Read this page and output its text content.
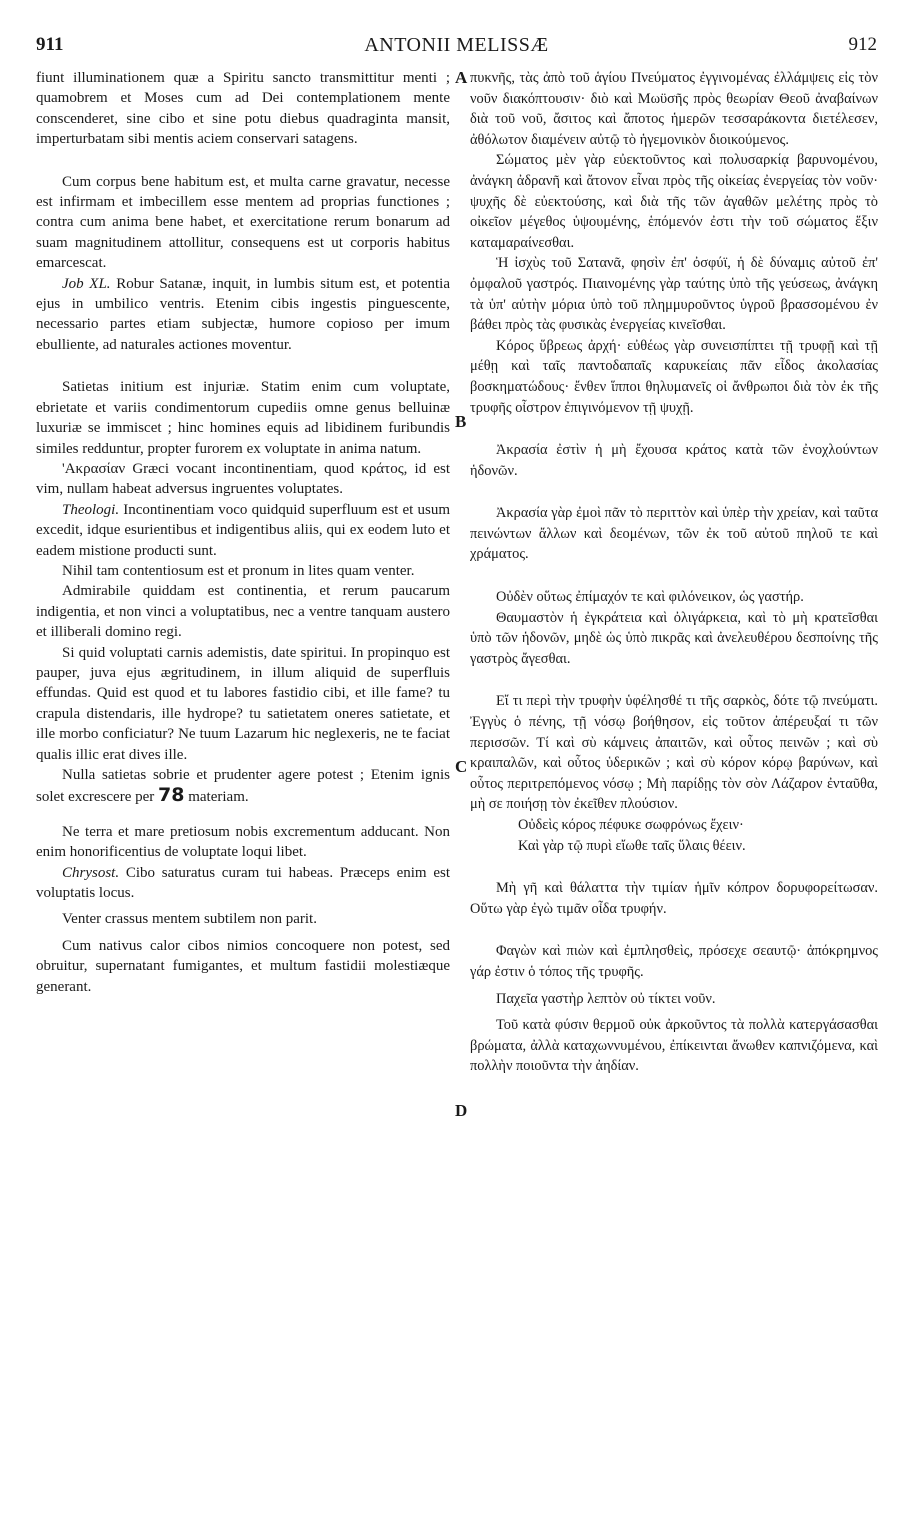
911	ANTONII MELISSÆ	912
A
B
C
D

fiunt illuminationem quæ a Spiritu sancto transmittitur menti ; quamobrem et Moses cum ad Dei contemplationem mente conscenderet, sine cibo et sine potu diebus quadraginta mansit, imperturbatam sibi mentis aciem conservari satagens.

Cum corpus bene habitum est, et multa carne gravatur, necesse est infirmam et imbecillem esse mentem ad proprias functiones ; contra cum anima bene habet, et exercitatione rerum bonarum ad suam magnitudinem attollitur, consequens est ut corporis habitus emarcescat.

Job XL. Robur Satanæ, inquit, in lumbis situm est, et potentia ejus in umbilico ventris. Etenim cibis ingestis pinguescente, necessario partes etiam subjectæ, humore copioso per imum ebulliente, ad naturales actiones moventur.

Satietas initium est injuriæ. Statim enim cum voluptate, ebrietate et variis condimentorum cupediis omne genus belluinæ luxuriæ se immiscet ; hinc homines equis ad libidinem furibundis similes redduntur, propter furorem ex voluptate in anima natum.

'Ακρασίαν Græci vocant incontinentiam, quod κράτος, id est vim, nullam habeat adversus ingruentes voluptates.

Theologi. Incontinentiam voco quidquid superfluum est et usum excedit, idque esurientibus et indigentibus aliis, qui ex eodem luto et eadem mistione producti sunt.

Nihil tam contentiosum est et pronum in lites quam venter.

Admirabile quiddam est continentia, et rerum paucarum indigentia, et non vinci a voluptatibus, nec a ventre tanquam austero et illiberali domino regi.

Si quid voluptati carnis ademistis, date spiritui. In propinquo est pauper, juva ejus ægritudinem, in illum aliquid de superfluis effundas. Quid est quod et tu labores fastidio cibi, et ille fame? tu crapula distendaris, ille hydrope? tu satietatem oneres satietate, et ille morbo conficiatur? Ne tuum Lazarum hic neglexeris, ne te faciat qualis illic erat dives ille.

Nulla satietas sobrie et prudenter agere potest ; Etenim ignis solet excrescere per 78 materiam.

Ne terra et mare pretiosum nobis excrementum adducant. Non enim honorificentius de voluptate loqui libet.

Chrysost. Cibo saturatus curam tui habeas. Præceps enim est voluptatis locus.

Venter crassus mentem subtilem non parit.

Cum nativus calor cibos nimios concoquere non potest, sed obruitur, supernatant fumigantes, et multum fastidii molestiæque generant.

πυκνῆς, τὰς ἀπὸ τοῦ ἁγίου Πνεύματος ἐγγινομένας ἐλλάμψεις εἰς τὸν νοῦν διακόπτουσιν· διὸ καὶ Μωϋσῆς πρὸς θεωρίαν Θεοῦ ἀναβαίνων διὰ τοῦ νοῦ, ἄσιτος καὶ ἄποτος ἡμερῶν τεσσαράκοντα διετέλεσεν, ἀθόλωτον διαμένειν αὐτῷ τὸ ἡγεμονικὸν διοικούμενος.

Σώματος μὲν γὰρ εὐεκτοῦντος καὶ πολυσαρκίᾳ βαρυνομένου, ἀνάγκη ἀδρανῆ καὶ ἄτονον εἶναι πρὸς τῆς οἰκείας ἐνεργείας τὸν νοῦν· ψυχῆς δὲ εὐεκτούσης, καὶ διὰ τῆς τῶν ἀγαθῶν μελέτης πρὸς τὸ οἰκεῖον μέγεθος ὑψουμένης, ἑπόμενόν ἐστι τὴν τοῦ σώματος ἕξιν καταμαραίνεσθαι.

Ἡ ἰσχὺς τοῦ Σατανᾶ, φησὶν ἐπ' ὀσφύϊ, ἡ δὲ δύναμις αὐτοῦ ἐπ' ὀμφαλοῦ γαστρός. Πιαινομένης γὰρ ταύτης ὑπὸ τῆς γεύσεως, ἀνάγκη τὰ ὑπ' αὐτὴν μόρια ὑπὸ τοῦ πλημμυροῦντος ὑγροῦ βρασσομένου ἐν βάθει πρὸς τὰς φυσικὰς ἐνεργείας κινεῖσθαι.

Κόρος ὕβρεως ἀρχή· εὐθέως γὰρ συνεισπίπτει τῇ τρυφῇ καὶ τῇ μέθῃ καὶ ταῖς παντοδαπαῖς καρυκείαις πᾶν εἶδος ἀκολασίας βοσκηματώδους· ἔνθεν ἵπποι θηλυμανεῖς οἱ ἄνθρωποι διὰ τὸν ἐκ τῆς τρυφῆς οἶστρον ἐπιγινόμενον τῇ ψυχῇ.

Ἀκρασία ἐστὶν ἡ μὴ ἔχουσα κράτος κατὰ τῶν ἐνοχλούντων ἡδονῶν.

Ἀκρασία γὰρ ἐμοὶ πᾶν τὸ περιττὸν καὶ ὑπὲρ τὴν χρείαν, καὶ ταῦτα πεινώντων ἄλλων καὶ δεομένων, τῶν ἐκ τοῦ αὐτοῦ πηλοῦ τε καὶ χράματος.

Οὐδὲν οὕτως ἐπίμαχόν τε καὶ φιλόνεικον, ὡς γαστήρ.

Θαυμαστὸν ἡ ἐγκράτεια καὶ ὀλιγάρκεια, καὶ τὸ μὴ κρατεῖσθαι ὑπὸ τῶν ἡδονῶν, μηδὲ ὡς ὑπὸ πικρᾶς καὶ ἀνελευθέρου δεσποίνης τῆς γαστρὸς ἄγεσθαι.

Εἴ τι περὶ τὴν τρυφὴν ὑφέλησθέ τι τῆς σαρκὸς, δότε τῷ πνεύματι. Ἐγγὺς ὁ πένης, τῇ νόσῳ βοήθησον, εἰς τοῦτον ἀπέρευξαί τι τῶν περισσῶν. Τί καὶ σὺ κάμνεις ἀπαιτῶν, καὶ οὗτος πεινῶν ; καὶ σὺ κραιπαλῶν, καὶ οὗτος ὑδερικῶν ; καὶ σὺ κόρον κόρῳ βαρύνων, καὶ οὗτος περιτρεπόμενος νόσῳ ; Μὴ παρίδῃς τὸν σὸν Λάζαρον ἐνταῦθα, μὴ σε ποιήσῃ τὸν ἐκεῖθεν πλούσιον.

Οὐδεὶς κόρος πέφυκε σωφρόνως ἔχειν·

Καὶ γὰρ τῷ πυρὶ εἴωθε ταῖς ὕλαις θέειν.

Μὴ γῆ καὶ θάλαττα τὴν τιμίαν ἡμῖν κόπρον δορυφορείτωσαν. Οὕτω γὰρ ἐγὼ τιμᾶν οἶδα τρυφήν.

Φαγὼν καὶ πιὼν καὶ ἐμπλησθεὶς, πρόσεχε σεαυτῷ· ἀπόκρημνος γάρ ἐστιν ὁ τόπος τῆς τρυφῆς.

Παχεῖα γαστὴρ λεπτὸν οὐ τίκτει νοῦν.

Τοῦ κατὰ φύσιν θερμοῦ οὐκ ἀρκοῦντος τὰ πολλὰ κατεργάσασθαι βρώματα, ἀλλὰ καταχωννυμένου, ἐπίκεινται ἄνωθεν καπνιζόμενα, καὶ πολλὴν ποιοῦντα τὴν ἀηδίαν.
